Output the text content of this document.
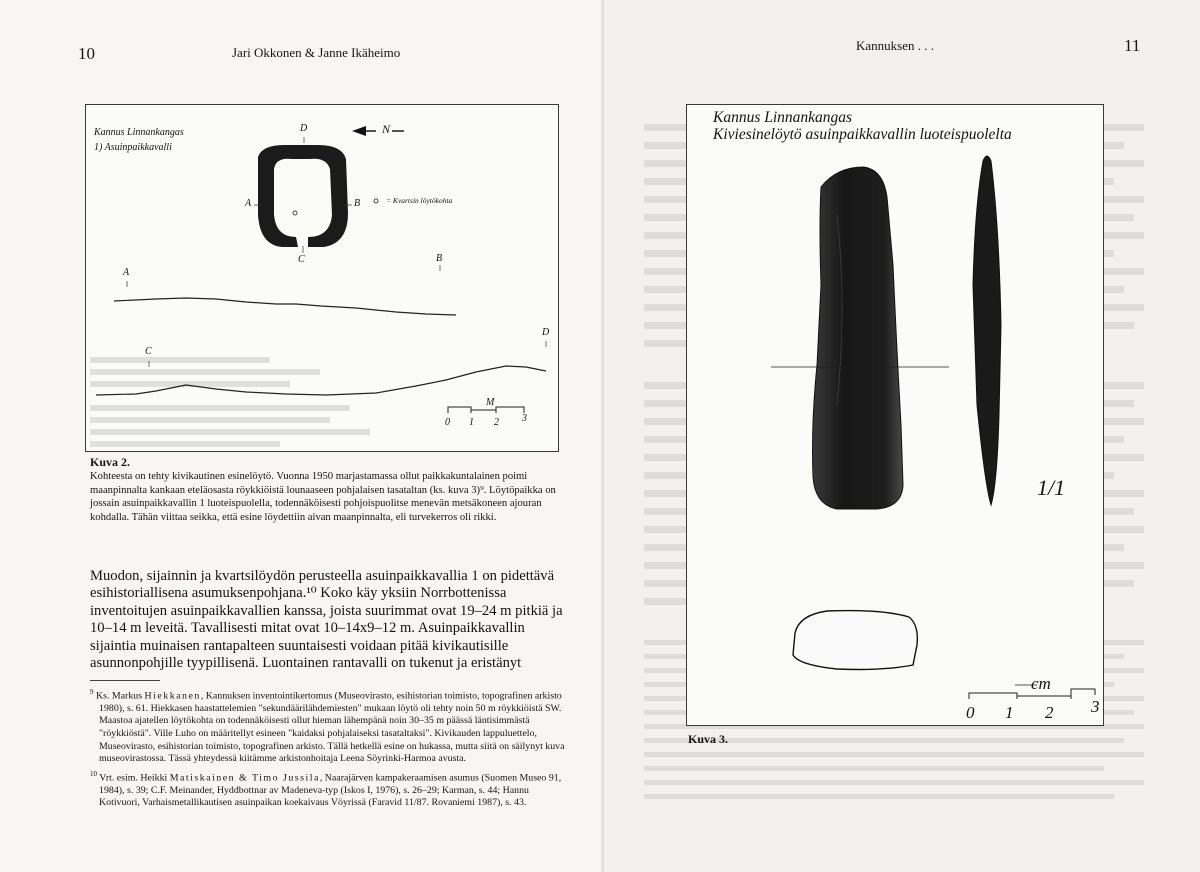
10	Jari Okkonen & Janne Ikäheimo
Kannus Linnankangas
1) Asuinpaikkavalli
N
= Kvartsin löytökohta
D
A	B
C
A
B
C
D
M
0 1 2 3
Kuva 2.
Kohteesta on tehty kivikautinen esinelöytö. Vuonna 1950 marjastamassa ollut paikkakuntalainen poimi maanpinnalta kankaan eteläosasta röykkiöistä lounaaseen pohjalaisen tasataltan (ks. kuva 3)⁹. Löytöpaikka on jossain asuinpaikkavallin 1 luoteispuolella, todennäköisesti pohjoispuolitse menevän metsäkoneen ajouran kohdalla. Tähän viittaa seikka, että esine löydettiin aivan maanpinnalta, eli turvekerros oli rikki.
Muodon, sijainnin ja kvartsilöydön perusteella asuinpaikkavallia 1 on pidettävä esihistoriallisena asumuksenpohjana.¹⁰ Koko käy yksiin Norrbottenissa inventoitujen asuinpaikkavallien kanssa, joista suurimmat ovat 19–24 m pitkiä ja 10–14 m leveitä. Tavallisesti mitat ovat 10–14x9–12 m. Asuinpaikkavallin sijaintia muinaisen rantapalteen suuntaisesti voidaan pitää kivikautisille asunnonpohjille tyypillisenä. Luontainen rantavalli on tukenut ja eristänyt

$^9$ Ks. Markus Hiekkanen, Kannuksen inventointikertomus (Museovirasto, esihistorian toimisto, topografinen arkisto 1980), s. 61. Hiekkasen haastattelemien "sekundäärilähdemiesten" mukaan löytö oli tehty noin 50 m röykkiöistä SW. Maastoa ajatellen löytökohta on todennäköisesti ollut hieman lähempänä noin 30–35 m päässä läntisimmästä "röykkiöstä". Ville Luho on määritellyt esineen "kaidaksi pohjalaiseksi tasataltaksi". Kivikauden lappuluettelo, Museovirasto, esihistorian toimisto, topografinen arkisto. Tällä hetkellä esine on hukassa, mutta siitä on säilynyt kuva museovirastossa. Tässä yhteydessä kiitämme arkistonhoitaja Leena Söyrinki-Harmoa avusta.

$^{10}$ Vrt. esim. Heikki Matiskainen & Timo Jussila, Naarajärven kampakeraamisen asumus (Suomen Museo 91, 1984), s. 39; C.F. Meinander, Hyddbottnar av Madeneva-typ (Iskos I, 1976), s. 26–29; Karman, s. 44; Hannu Kotivuori, Varhaismetallikautisen asuinpaikan koekaivaus Vöyrissä (Faravid 11/87. Rovaniemi 1987), s. 43.

Kannuksen . . .	11
Kannus Linnankangas
Kiviesinelöytö asuinpaikkavallin luoteispuolelta
1/1
cm
0 1 2 3
Kuva 3.
